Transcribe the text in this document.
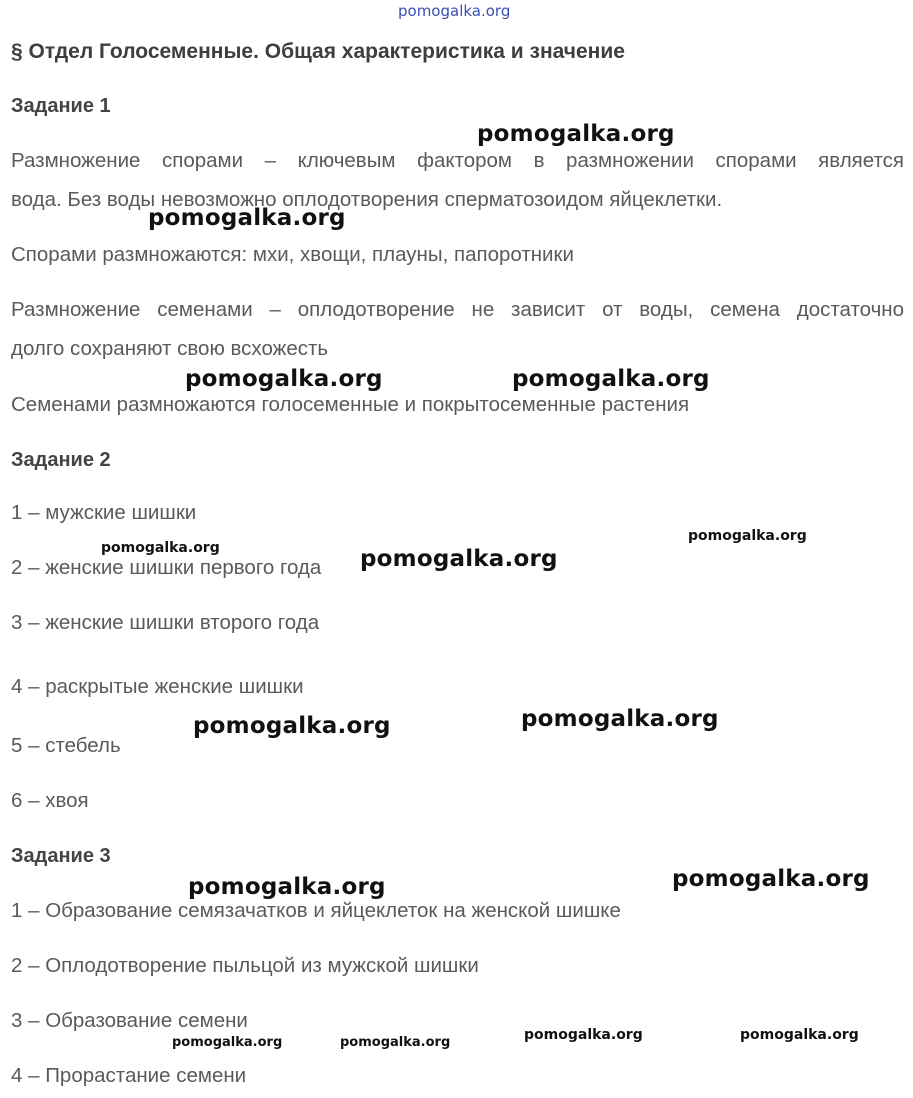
pomogalka.org
§ Отдел Голосеменные. Общая характеристика и значение
Задание 1
Размножение спорами – ключевым фактором в размножении спорами является
вода. Без воды невозможно оплодотворения сперматозоидом яйцеклетки.
Спорами размножаются: мхи, хвощи, плауны, папоротники
Размножение семенами – оплодотворение не зависит от воды, семена достаточно
долго сохраняют свою всхожесть
Семенами размножаются голосеменные и покрытосеменные растения
Задание 2
1 – мужские шишки
2 – женские шишки первого года
3 – женские шишки второго года
4 – раскрытые женские шишки
5 – стебель
6 – хвоя
Задание 3
1 – Образование семязачатков и яйцеклеток на женской шишке
2 – Оплодотворение пыльцой из мужской шишки
3 – Образование семени
4 – Прорастание семени
pomogalka.org
pomogalka.org
pomogalka.org	pomogalka.org
pomogalka.org
pomogalka.org
pomogalka.org
pomogalka.org	pomogalka.org
pomogalka.org	pomogalka.org
pomogalka.org	pomogalka.org	pomogalka.org	pomogalka.org
